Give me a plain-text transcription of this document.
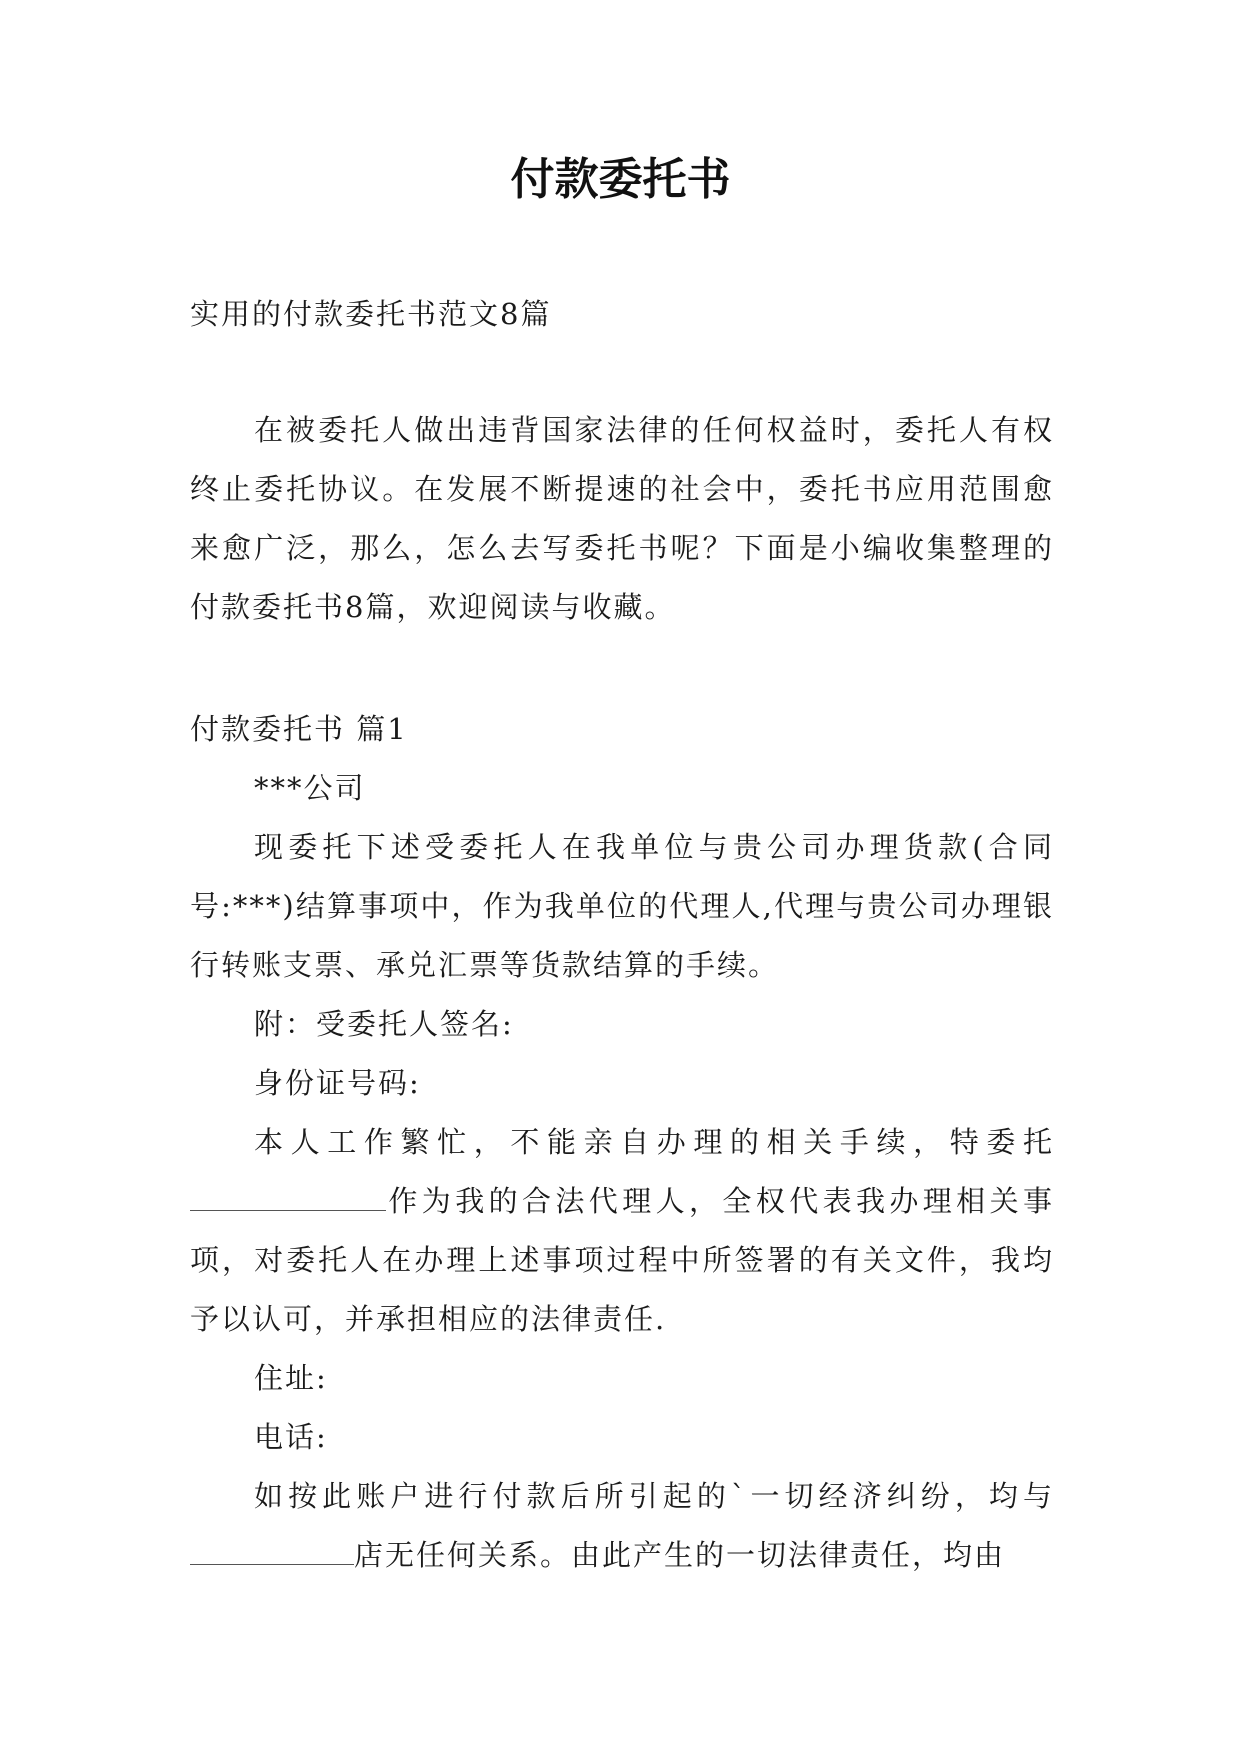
付款委托书

实用的付款委托书范文8篇

在被委托人做出违背国家法律的任何权益时，委托人有权终止委托协议。在发展不断提速的社会中，委托书应用范围愈来愈广泛，那么，怎么去写委托书呢？下面是小编收集整理的付款委托书8篇，欢迎阅读与收藏。

付款委托书 篇1

***公司

现委托下述受委托人在我单位与贵公司办理货款(合同号:***)结算事项中，作为我单位的代理人,代理与贵公司办理银行转账支票、承兑汇票等货款结算的手续。

附：受委托人签名:

身份证号码:

本人工作繁忙，不能亲自办理的相关手续，特委托作为我的合法代理人，全权代表我办理相关事项，对委托人在办理上述事项过程中所签署的有关文件，我均予以认可，并承担相应的法律责任.

住址:

电话:

如按此账户进行付款后所引起的`一切经济纠纷，均与店无任何关系。由此产生的一切法律责任，均由
